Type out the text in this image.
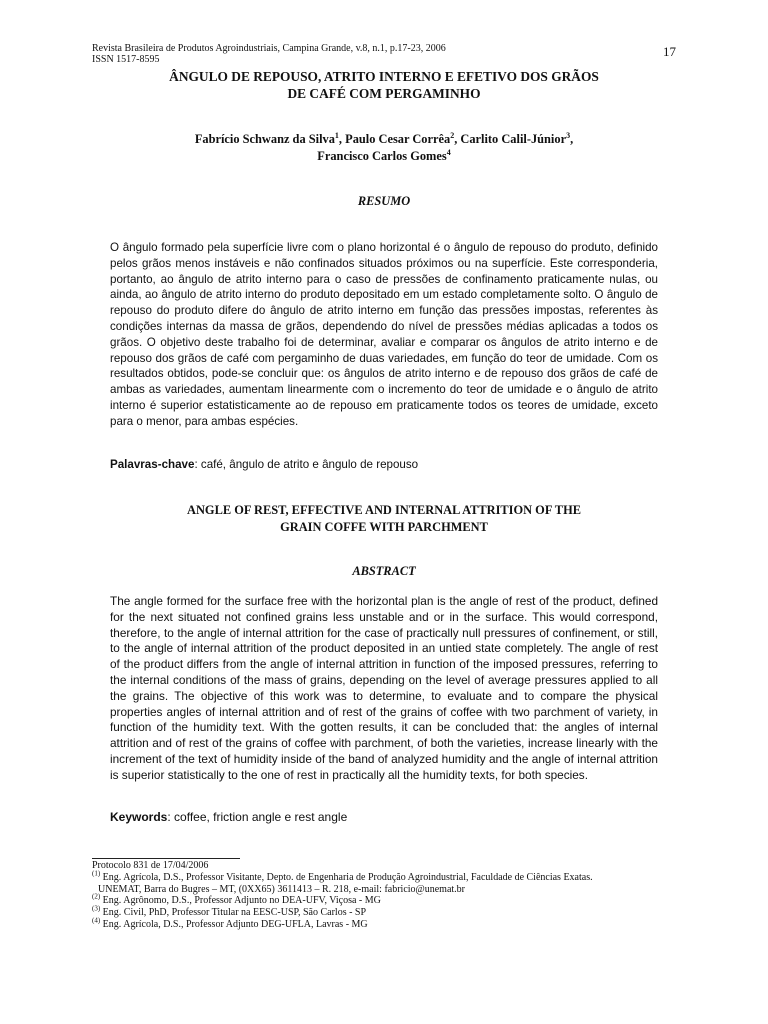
Revista Brasileira de Produtos Agroindustriais, Campina Grande, v.8, n.1, p.17-23, 2006
ISSN 1517-8595
17
ÂNGULO DE REPOUSO, ATRITO INTERNO E EFETIVO DOS GRÃOS
DE CAFÉ COM PERGAMINHO
Fabrício Schwanz da Silva$^1$, Paulo Cesar Corrêa$^2$, Carlito Calil-Júnior$^3$,
Francisco Carlos Gomes$^4$
RESUMO
O ângulo formado pela superfície livre com o plano horizontal é o ângulo de repouso do produto, definido pelos grãos menos instáveis e não confinados situados próximos ou na superfície. Este corresponderia, portanto, ao ângulo de atrito interno para o caso de pressões de confinamento praticamente nulas, ou ainda, ao ângulo de atrito interno do produto depositado em um estado completamente solto. O ângulo de repouso do produto difere do ângulo de atrito interno em função das pressões impostas, referentes às condições internas da massa de grãos, dependendo do nível de pressões médias aplicadas a todos os grãos. O objetivo deste trabalho foi de determinar, avaliar e comparar os ângulos de atrito interno e de repouso dos grãos de café com pergaminho de duas variedades, em função do teor de umidade. Com os resultados obtidos, pode-se concluir que: os ângulos de atrito interno e de repouso dos grãos de café de ambas as variedades, aumentam linearmente com o incremento do teor de umidade e o ângulo de atrito interno é superior estatisticamente ao de repouso em praticamente todos os teores de umidade, exceto para o menor, para ambas espécies.
Palavras-chave: café, ângulo de atrito e ângulo de repouso
ANGLE OF REST, EFFECTIVE AND INTERNAL ATTRITION OF THE
GRAIN COFFE WITH PARCHMENT
ABSTRACT
The angle formed for the surface free with the horizontal plan is the angle of rest of the product, defined for the next situated not confined grains less unstable and or in the surface. This would correspond, therefore, to the angle of internal attrition for the case of practically null pressures of confinement, or still, to the angle of internal attrition of the product deposited in an untied state completely. The angle of rest of the product differs from the angle of internal attrition in function of the imposed pressures, referring to the internal conditions of the mass of grains, depending on the level of average pressures applied to all the grains. The objective of this work was to determine, to evaluate and to compare the physical properties angles of internal attrition and of rest of the grains of coffee with two parchment of variety, in function of the humidity text. With the gotten results, it can be concluded that: the angles of internal attrition and of rest of the grains of coffee with parchment, of both the varieties, increase linearly with the increment of the text of humidity inside of the band of analyzed humidity and the angle of internal attrition is superior statistically to the one of rest in practically all the humidity texts, for both species.
Keywords: coffee, friction angle e rest angle
Protocolo 831 de 17/04/2006
$^{(1)}$ Eng. Agrícola, D.S., Professor Visitante, Depto. de Engenharia de Produção Agroindustrial, Faculdade de Ciências Exatas.
UNEMAT, Barra do Bugres – MT, (0XX65) 3611413 – R. 218, e-mail: fabricio@unemat.br
$^{(2)}$ Eng. Agrônomo, D.S., Professor Adjunto no DEA-UFV, Viçosa - MG
$^{(3)}$ Eng. Civil, PhD, Professor Titular na EESC-USP, São Carlos - SP
$^{(4)}$ Eng. Agrícola, D.S., Professor Adjunto DEG-UFLA, Lavras - MG
